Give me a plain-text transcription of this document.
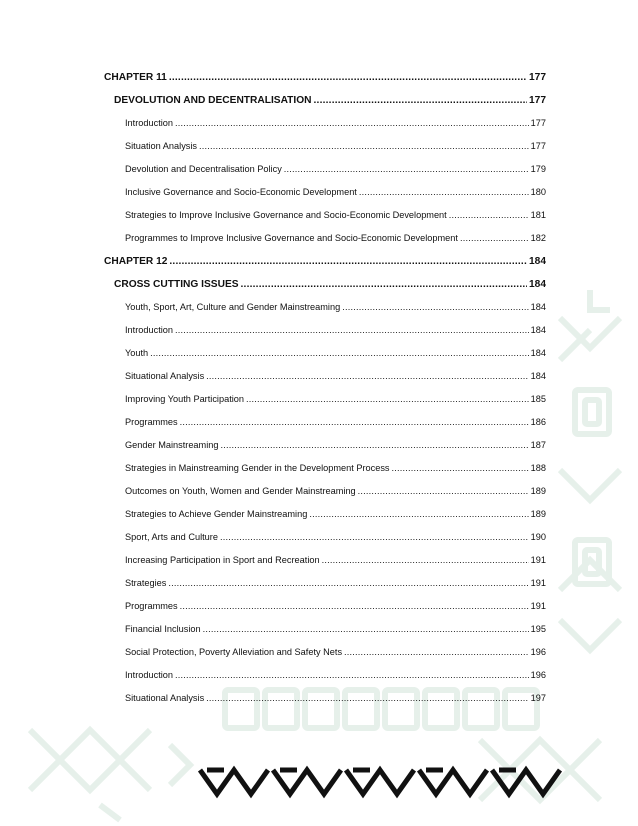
CHAPTER 11 .....	177
DEVOLUTION AND DECENTRALISATION .....	177
Introduction .....	177
Situation Analysis .....	177
Devolution and Decentralisation Policy .....	179
Inclusive Governance and Socio-Economic Development .....	180
Strategies to Improve Inclusive Governance and Socio-Economic Development .....	181
Programmes to Improve Inclusive Governance and Socio-Economic Development .....	182
CHAPTER 12 .....	184
CROSS CUTTING ISSUES .....	184
Youth, Sport, Art, Culture and Gender Mainstreaming .....	184
Introduction .....	184
Youth .....	184
Situational Analysis .....	184
Improving Youth Participation .....	185
Programmes .....	186
Gender Mainstreaming .....	187
Strategies in Mainstreaming Gender in the Development Process .....	188
Outcomes on Youth, Women and Gender Mainstreaming .....	189
Strategies to Achieve Gender Mainstreaming .....	189
Sport, Arts and Culture .....	190
Increasing Participation in Sport and Recreation .....	191
Strategies .....	191
Programmes .....	191
Financial Inclusion .....	195
Social Protection, Poverty Alleviation and Safety Nets .....	196
Introduction .....	196
Situational Analysis .....	197
